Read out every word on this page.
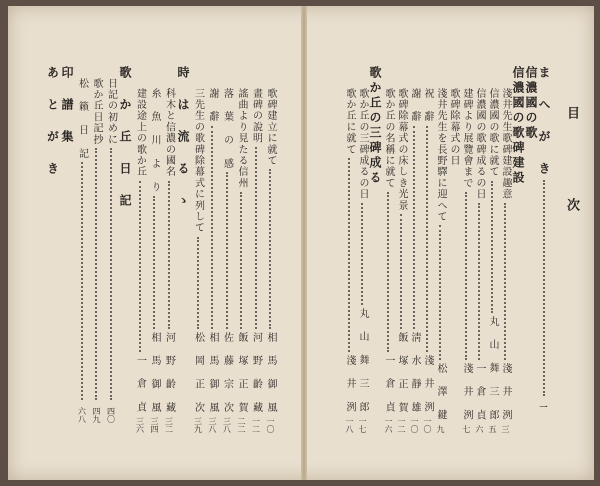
歌碑建立に就て
相 馬 御 風
一〇
畫碑の說明
河 野 齡 藏
一二
謠曲より見たる信州
飯 塚 正 賀
二二
落 葉 の 感
佐 藤 宗 次
三八
謝 辭
相 馬 御 風
三八
三先生の歌碑除幕式に列して
松 岡 正 次
三九
時 は 流 る ゝ
科木と信濃の國名
河 野 齡 藏
三二
糸 魚 川 よ り
相 馬 御 風
三四
建設途上の歌か丘
一 倉 貞
三六
歌 か 丘 日 記
日記の初めに
四〇
歌か丘日記抄
四九
松 籟 日 記
六八
印 譜 集
あ と が き	目 次
ま へ が き
一
信濃國の歌
信濃國の歌碑建設
淺井先生歌碑建設趣意
淺 井 洌
三
信濃國の歌に就て
丸 山 舞 三 郎
五
信濃國の歌碑成るの日
一 倉 貞
六
建碑より展覽會まで
淺 井 洌
七
歌碑除幕式の日
淺井先生を長野驛に迎へて
松 澤 鍵
九
祝 辭
淺 井 洌
一〇
謝 辭
淸 水 靜 雄
一〇
歌碑除幕式の床しき光景
飯 塚 正 賀
一二
歌か丘の名稱に就て
一 倉 貞
一六
歌か丘の三碑成る
歌か丘の三碑成るの日
丸 山 舞 三 郎
一七
歌か丘に就て
淺 井 洌
一八
